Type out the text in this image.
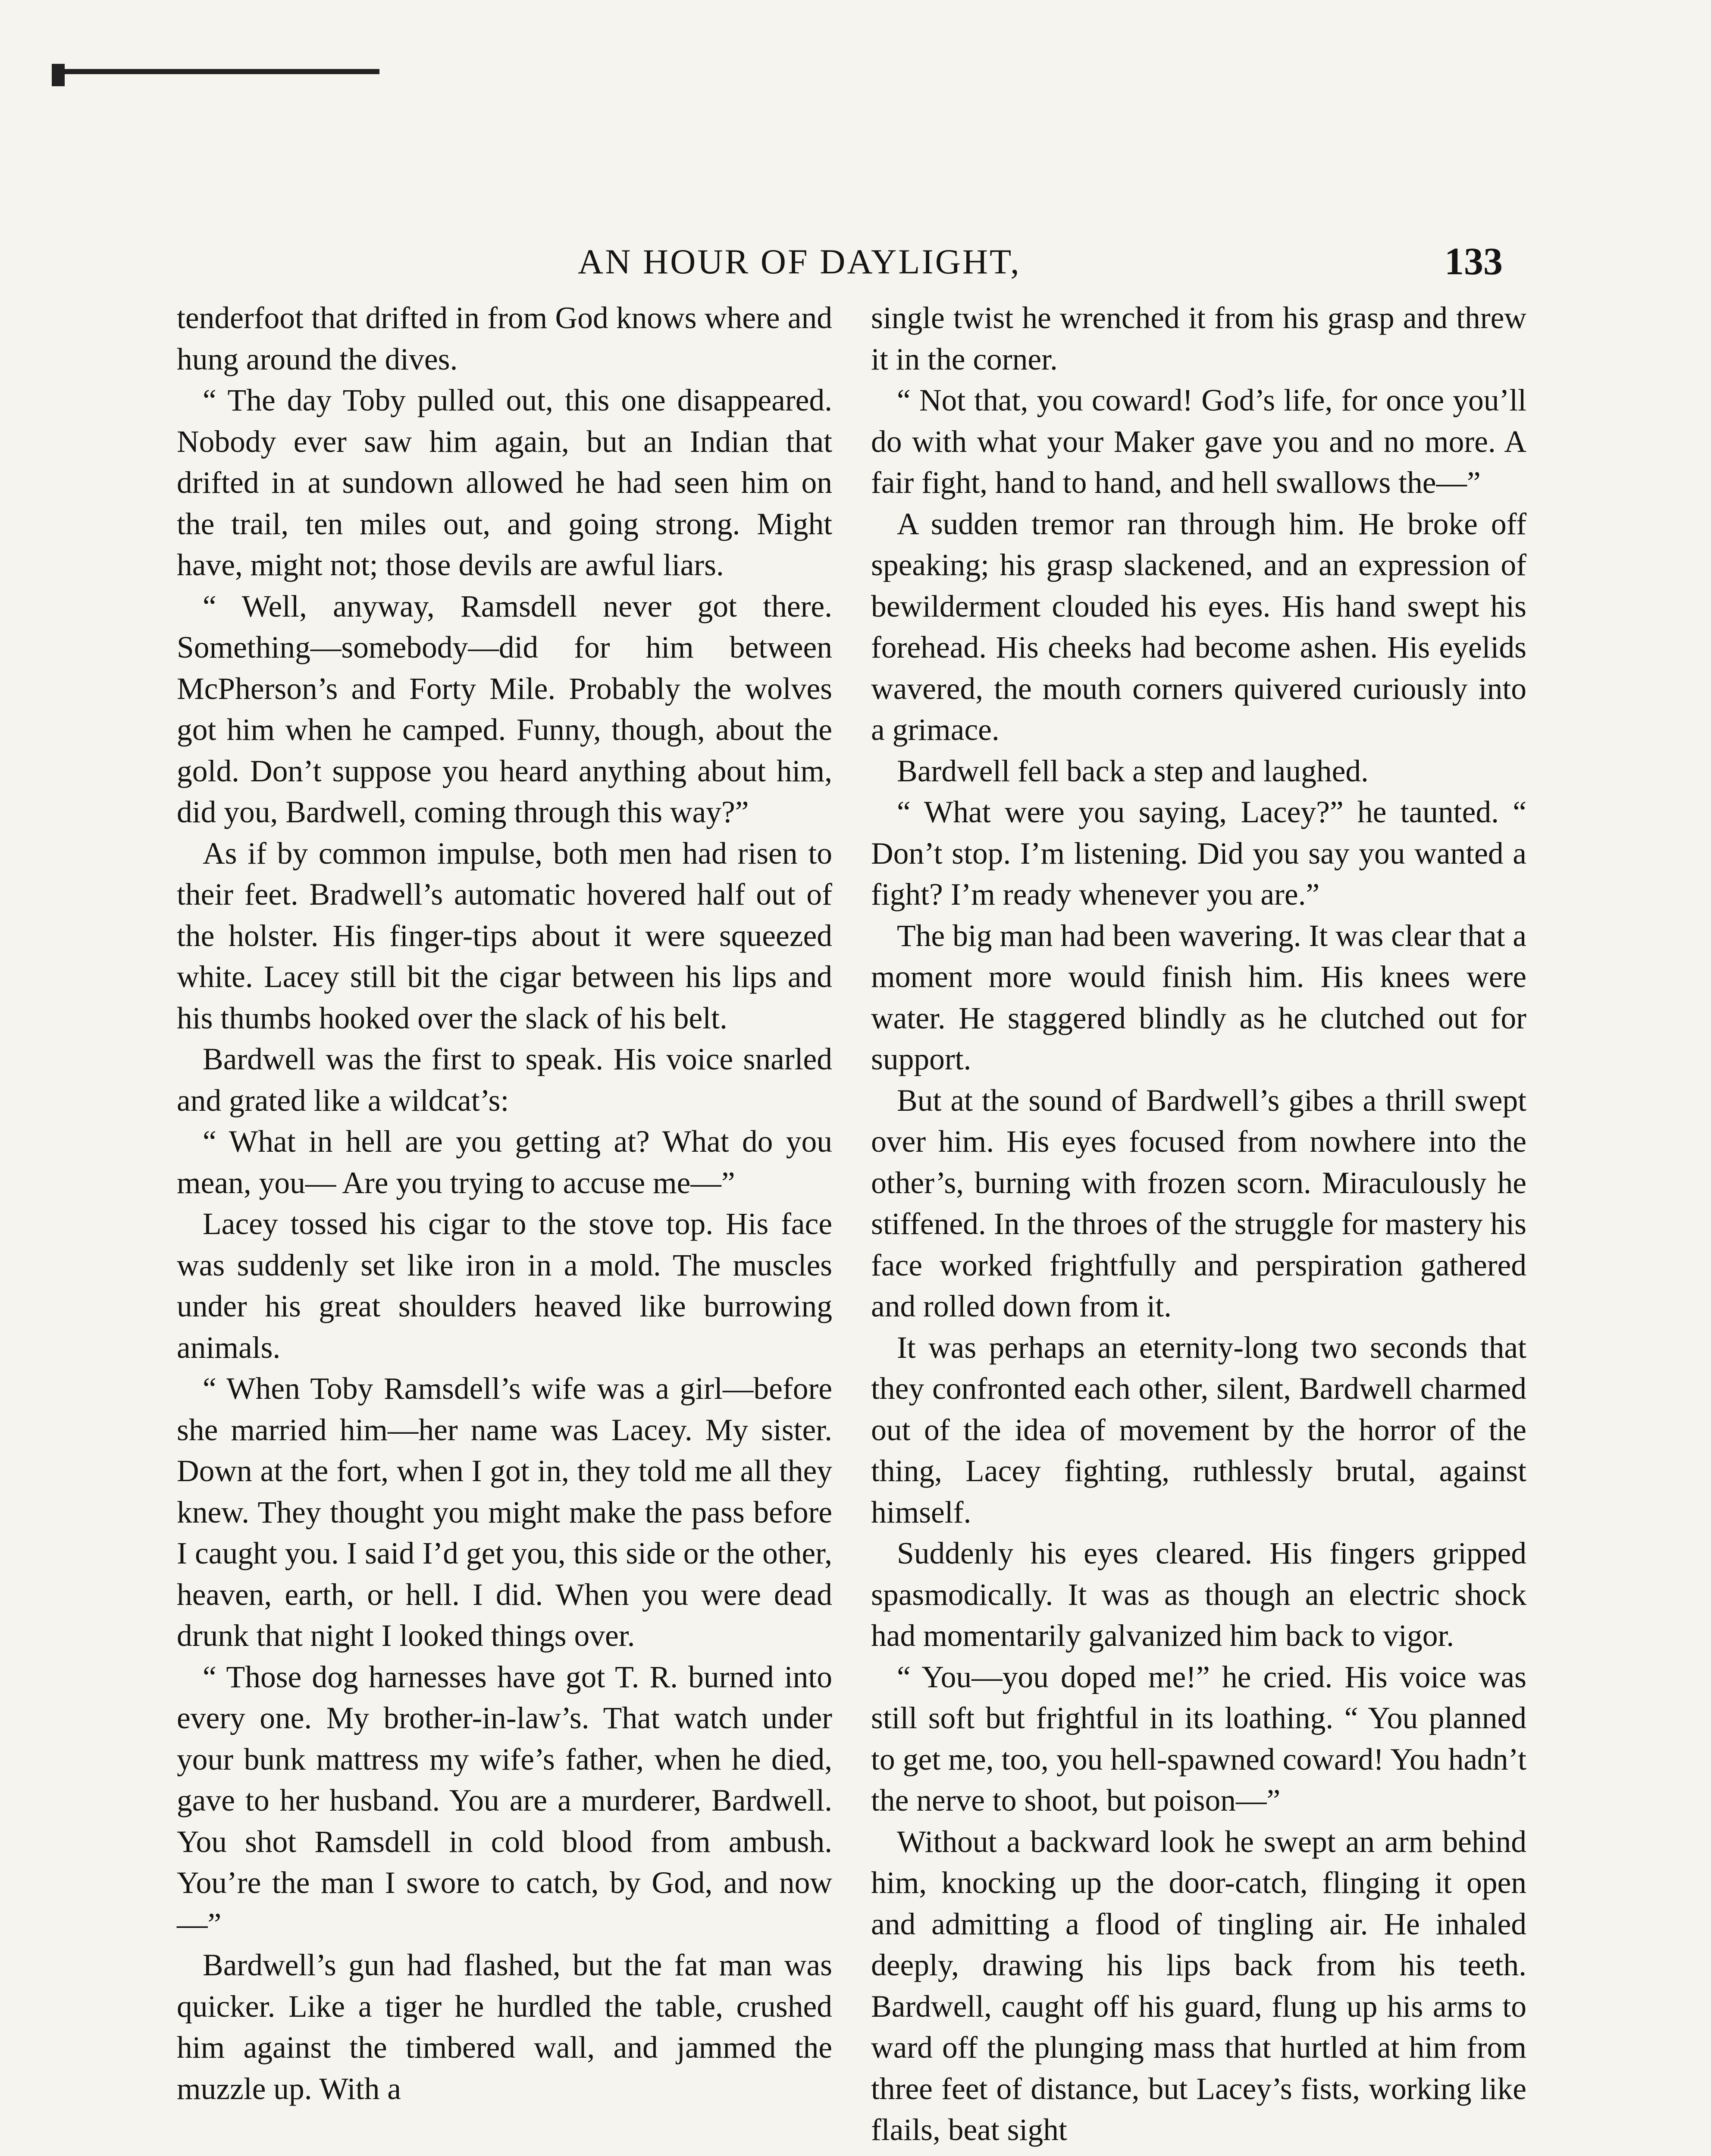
AN HOUR OF DAYLIGHT,	133

tenderfoot that drifted in from God knows where and hung around the dives.

“ The day Toby pulled out, this one disappeared. Nobody ever saw him again, but an Indian that drifted in at sundown allowed he had seen him on the trail, ten miles out, and going strong. Might have, might not; those devils are awful liars.

“ Well, anyway, Ramsdell never got there. Something—somebody—did for him between McPherson’s and Forty Mile. Probably the wolves got him when he camped. Funny, though, about the gold. Don’t suppose you heard anything about him, did you, Bardwell, coming through this way?”

As if by common impulse, both men had risen to their feet. Bradwell’s automatic hovered half out of the holster. His finger-tips about it were squeezed white. Lacey still bit the cigar between his lips and his thumbs hooked over the slack of his belt.

Bardwell was the first to speak. His voice snarled and grated like a wildcat’s:

“ What in hell are you getting at? What do you mean, you— Are you trying to accuse me—”

Lacey tossed his cigar to the stove top. His face was suddenly set like iron in a mold. The muscles under his great shoulders heaved like burrowing animals.

“ When Toby Ramsdell’s wife was a girl—before she married him—her name was Lacey. My sister. Down at the fort, when I got in, they told me all they knew. They thought you might make the pass before I caught you. I said I’d get you, this side or the other, heaven, earth, or hell. I did. When you were dead drunk that night I looked things over.

“ Those dog harnesses have got T. R. burned into every one. My brother-in-law’s. That watch under your bunk mattress my wife’s father, when he died, gave to her husband. You are a murderer, Bardwell. You shot Ramsdell in cold blood from ambush. You’re the man I swore to catch, by God, and now—”

Bardwell’s gun had flashed, but the fat man was quicker. Like a tiger he hurdled the table, crushed him against the timbered wall, and jammed the muzzle up. With a

single twist he wrenched it from his grasp and threw it in the corner.

“ Not that, you coward! God’s life, for once you’ll do with what your Maker gave you and no more. A fair fight, hand to hand, and hell swallows the—”

A sudden tremor ran through him. He broke off speaking; his grasp slackened, and an expression of bewilderment clouded his eyes. His hand swept his forehead. His cheeks had become ashen. His eyelids wavered, the mouth corners quivered curiously into a grimace.

Bardwell fell back a step and laughed.

“ What were you saying, Lacey?” he taunted. “ Don’t stop. I’m listening. Did you say you wanted a fight? I’m ready whenever you are.”

The big man had been wavering. It was clear that a moment more would finish him. His knees were water. He staggered blindly as he clutched out for support.

But at the sound of Bardwell’s gibes a thrill swept over him. His eyes focused from nowhere into the other’s, burning with frozen scorn. Miraculously he stiffened. In the throes of the struggle for mastery his face worked frightfully and perspiration gathered and rolled down from it.

It was perhaps an eternity-long two seconds that they confronted each other, silent, Bardwell charmed out of the idea of movement by the horror of the thing, Lacey fighting, ruthlessly brutal, against himself.

Suddenly his eyes cleared. His fingers gripped spasmodically. It was as though an electric shock had momentarily galvanized him back to vigor.

“ You—you doped me!” he cried. His voice was still soft but frightful in its loathing. “ You planned to get me, too, you hell-spawned coward! You hadn’t the nerve to shoot, but poison—”

Without a backward look he swept an arm behind him, knocking up the door-catch, flinging it open and admitting a flood of tingling air. He inhaled deeply, drawing his lips back from his teeth. Bardwell, caught off his guard, flung up his arms to ward off the plunging mass that hurtled at him from three feet of distance, but Lacey’s fists, working like flails, beat sight
